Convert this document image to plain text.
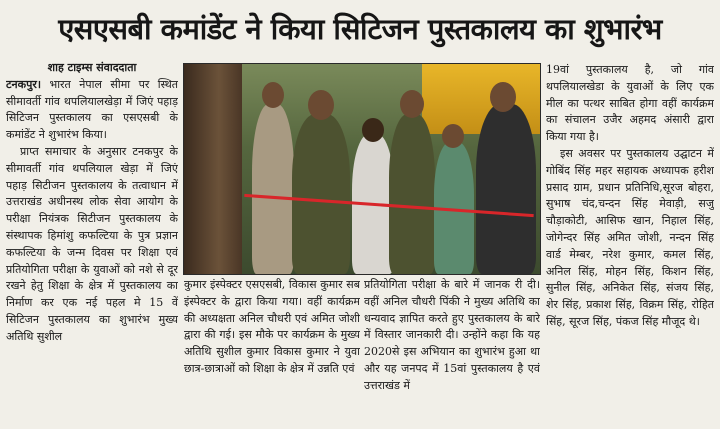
एसएसबी कमांडेंट ने किया सिटिजन पुस्तकालय का शुभारंभ

शाह टाइम्स संवाददाता

टनकपुर। भारत नेपाल सीमा पर स्थित सीमावर्ती गांव थपलियालखेड़ा में जिएं पहाड़ सिटिजन पुस्तकालय का एसएसबी के कमांडेंट ने शुभारंभ किया।

प्राप्त समाचार के अनुसार टनकपुर के सीमावर्ती गांव थपलियाल खेड़ा में जिएं पहाड़ सिटीजन पुस्तकालय के तत्वाधान में उत्तराखंड अधीनस्थ लोक सेवा आयोग के परीक्षा नियंत्रक सिटीजन पुस्तकालय के संस्थापक हिमांशु कफल्टिया के पुत्र प्रज्ञान कफल्टिया के जन्म दिवस पर शिक्षा एवं प्रतियोगिता परीक्षा के युवाओं को नशे से दूर रखने हेतु शिक्षा के क्षेत्र में पुस्तकालय का निर्माण कर एक नई पहल मे 15 वें सिटिजन पुस्तकालय का शुभारंभ मुख्य अतिथि सुशील

कुमार इंस्पेक्टर एसएसबी, विकास कुमार सब इंस्पेक्टर के द्वारा किया गया। वहीं कार्यक्रम की अध्यक्षता अनिल चौधरी एवं अमित जोशी द्वारा की गई। इस मौके पर कार्यक्रम के मुख्य अतिथि सुशील कुमार विकास कुमार ने युवा छात्र-छात्राओं को शिक्षा के क्षेत्र में उन्नति एवं

प्रतियोगिता परीक्षा के बारे में जानक री दी। वहीं अनिल चौधरी पिंकी ने मुख्य अतिथि का धन्यवाद ज्ञापित करते हुए पुस्तकालय के बारे में विस्तार जानकारी दी। उन्होंने कहा कि यह 2020से इस अभियान का शुभारंभ हुआ था और यह जनपद में 15वां पुस्तकालय है एवं उत्तराखंड में

19वां पुस्तकालय है, जो गांव थपलियालखेडा के युवाओं के लिए एक मील का पत्थर साबित होगा वहीं कार्यक्रम का संचालन उजैर अहमद अंसारी द्वारा किया गया है।

इस अवसर पर पुस्तकालय उद्घाटन में गोबिंद सिंह महर सहायक अध्यापक हरीश प्रसाद ग्राम, प्रधान प्रतिनिधि,सूरज बोहरा, सुभाष चंद,चन्दन सिंह मेवाड़ी, सजु चौड़ाकोटी, आसिफ खान, निहाल सिंह, जोगेन्दर सिंह अमित जोशी, नन्दन सिंह वार्ड मेम्बर, नरेश कुमार, कमल सिंह, अनिल सिंह, मोहन सिंह, किशन सिंह, सुनील सिंह, अनिकेत सिंह, संजय सिंह, शेर सिंह, प्रकाश सिंह, विक्रम सिंह, रोहित सिंह, सूरज सिंह, पंकज सिंह मौजूद थे।
